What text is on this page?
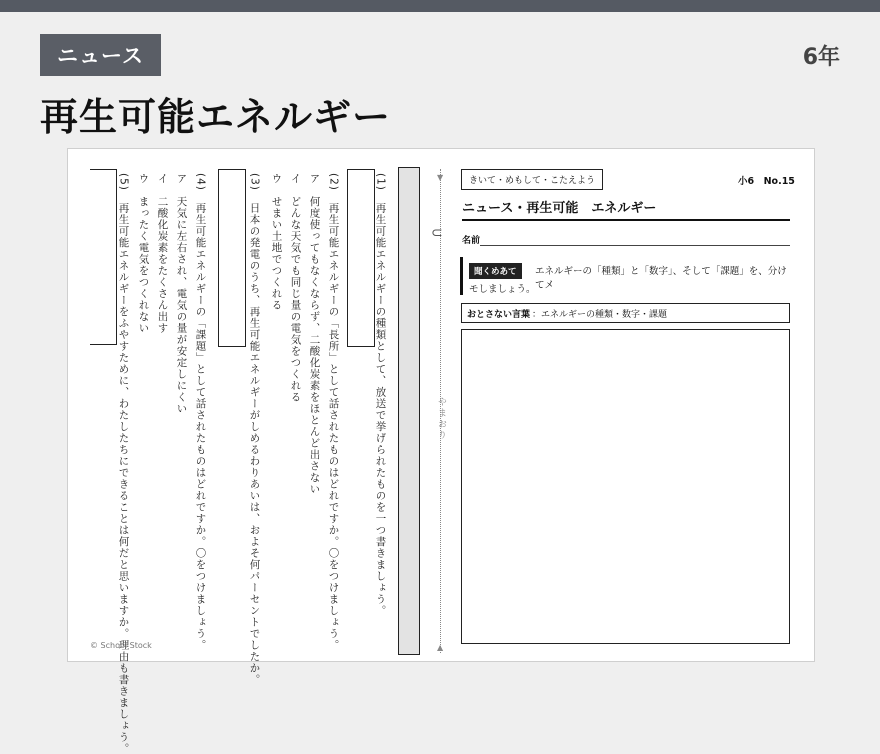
ニュース	6年
再生可能エネルギー
(1)　再生可能エネルギーの種類として、放送で挙げられたものを一つ書きましょう。
(2)　再生可能エネルギーの「長所」として話されたものはどれですか。〇をつけましょう。
ア　何度使ってもなくならず、二酸化炭素をほとんど出さない
イ　どんな天気でも同じ量の電気をつくれる
ウ　せまい土地でつくれる
(3)　日本の発電のうち、再生可能エネルギーがしめるわりあいは、およそ何パーセントでしたか。
(4)　再生可能エネルギーの「課題」として話されたものはどれですか。〇をつけましょう。
ア　天気に左右され、電気の量が安定しにくい
イ　二酸化炭素をたくさん出す
ウ　まったく電気をつくれない
(5)　再生可能エネルギーをふやすために、わたしたちにできることは何だと思いますか。理由も書きましょう。
© School Stock
▼
▲
⊂
やまおり
きいて・めもして・こたえよう	小6　No.15
ニュース・再生可能　エネルギー
名前
聞くめあて	エネルギーの「種類」と「数字」、そして「課題」を、分けてメ
モしましょう。
おとさない言葉 ：エネルギーの種類・数字・課題
